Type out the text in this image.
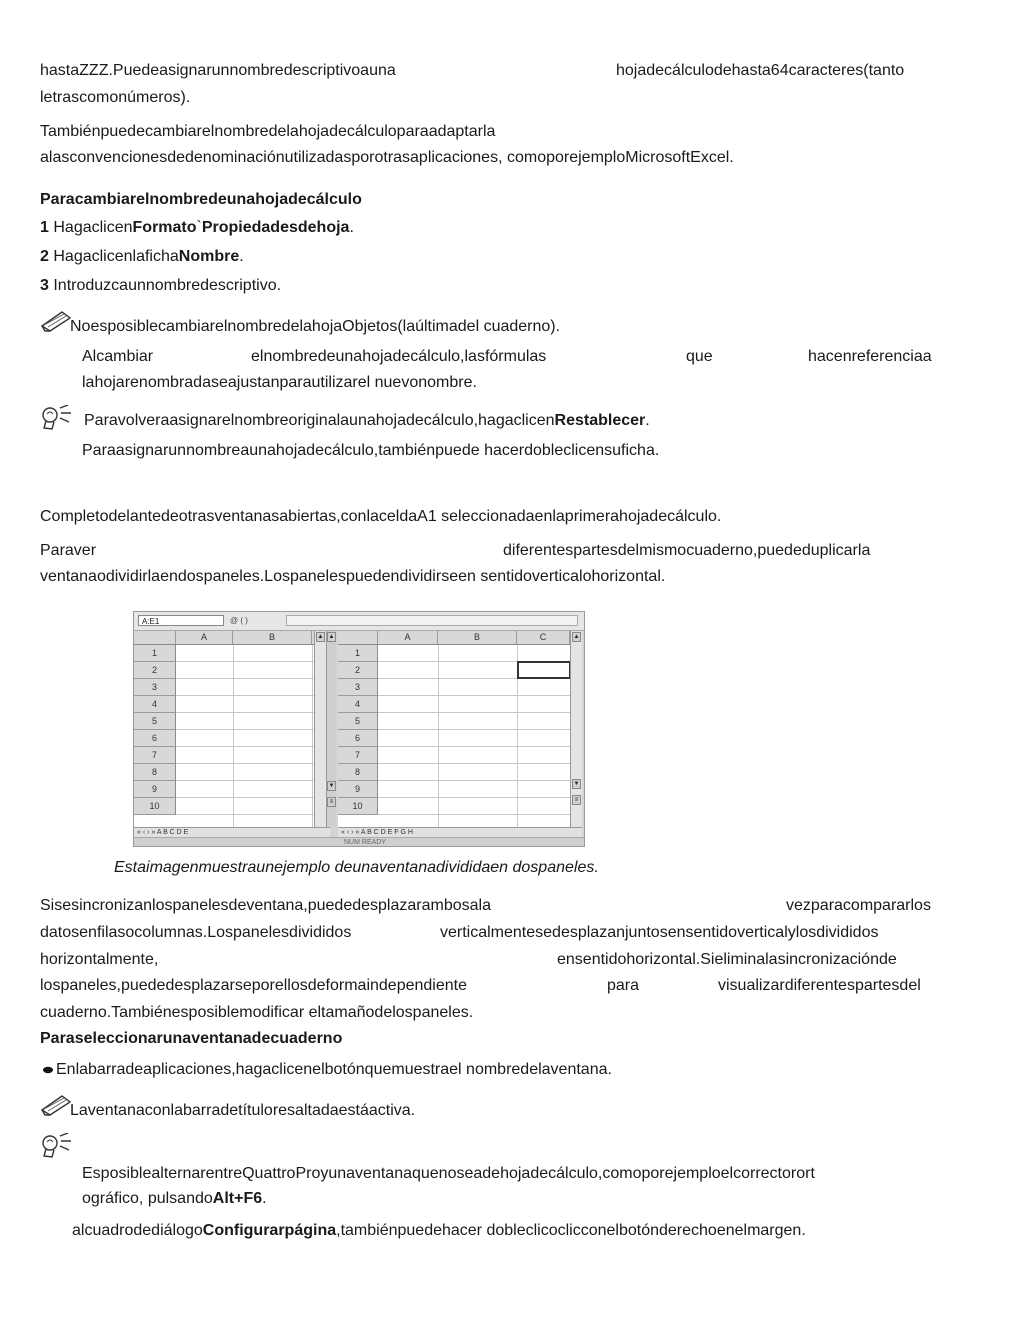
hastaZZZ.Puedeasignarunnombredescriptivoauna	hojadecálculodehasta64caracteres(tanto
letrascomonúmeros).
Tambiénpuedecambiarelnombredelahojadecálculoparaadaptarla
alasconvencionesdedenominaciónutilizadasporotrasaplicaciones, comoporejemploMicrosoftExcel.
Paracambiarelnombredeunahojadecálculo
1 HagaclicenFormato`Propiedadesdehoja.
2 HagaclicenlafichaNombre.
3 Introduzcaunnombredescriptivo.
NoesposiblecambiarelnombredelahojaObjetos(laúltimadel cuaderno).
Alcambiar	elnombredeunahojadecálculo,lasfórmulas	que	hacenreferenciaa
lahojarenombradaseajustanparautilizarel nuevonombre.
Paravolveraasignarelnombreoriginalaunahojadecálculo,hagaclicenRestablecer.
Paraasignarunnombreaunahojadecálculo,tambiénpuede hacerdobleclicensuficha.
Completodelantedeotrasventanasabiertas,conlaceldaA1 seleccionadaenlaprimerahojadecálculo.
Paraver	diferentespartesdelmismocuaderno,puededuplicarla
ventanaodividirlaendospaneles.Lospanelespuedendividirseen sentidoverticalohorizontal.
A:E1	@ ( )
A	B
1
2
3
4
5
6
7
8
9
10
▲ ▲
▼
≡
A	B	C
1
2
3
4
5
6
7
8
9
10
▲
▼
≡
« ‹ › » A B C D E	« ‹ › » A B C D E F G H
NUM READY
Estaimagenmuestraunejemplo deunaventanadivididaen dospaneles.
Sisesincronizanlospanelesdeventana,puededesplazarambosala	vezparacompararlos
datosenfilasocolumnas.Lospanelesdivididos	verticalmentesedesplazanjuntosensentidoverticalylosdivididos
horizontalmente,	ensentidohorizontal.Sieliminalasincronizaciónde
lospaneles,puededesplazarseporellosdeformaindependiente	para	visualizardiferentespartesdel
cuaderno.Tambiénesposiblemodificar eltamañodelospaneles.
Paraseleccionarunaventanadecuaderno
Enlabarradeaplicaciones,hagaclicenelbotónquemuestrael nombredelaventana.
Laventanaconlabarradetítuloresaltadaestáactiva.
EsposiblealternarentreQuattroProyunaventanaquenoseadehojadecálculo,comoporejemploelcorrectorort
ográfico, pulsandoAlt+F6.
alcuadrodediálogoConfigurarpágina,tambiénpuedehacer dobleclicoclicconelbotónderechoenelmargen.
